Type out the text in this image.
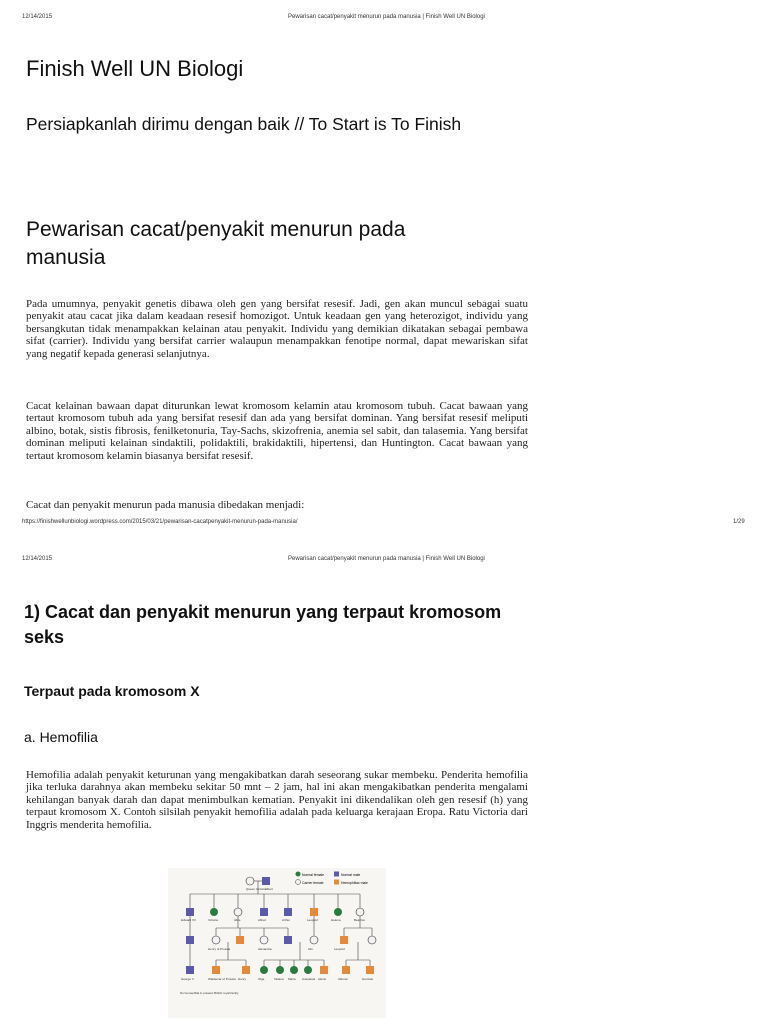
12/14/2015	Pewarisan cacat/penyakit menurun pada manusia | Finish Well UN Biologi
Finish Well UN Biologi
Persiapkanlah dirimu dengan baik // To Start is To Finish
Pewarisan cacat/penyakit menurun pada manusia

Pada umumnya, penyakit genetis dibawa oleh gen yang bersifat resesif. Jadi, gen akan muncul sebagai suatu penyakit atau cacat jika dalam keadaan resesif homozigot. Untuk keadaan gen yang heterozigot, individu yang bersangkutan tidak menampakkan kelainan atau penyakit. Individu yang demikian dikatakan sebagai pembawa sifat (carrier). Individu yang bersifat carrier walaupun menampakkan fenotipe normal, dapat mewariskan sifat yang negatif kepada generasi selanjutnya.

Cacat kelainan bawaan dapat diturunkan lewat kromosom kelamin atau kromosom tubuh. Cacat bawaan yang tertaut kromosom tubuh ada yang bersifat resesif dan ada yang bersifat dominan. Yang bersifat resesif meliputi albino, botak, sistis fibrosis, fenilketonuria, Tay-Sachs, skizofrenia, anemia sel sabit, dan talasemia. Yang bersifat dominan meliputi kelainan sindaktili, polidaktili, brakidaktili, hipertensi, dan Huntington. Cacat bawaan yang tertaut kromosom kelamin biasanya bersifat resesif.

Cacat dan penyakit menurun pada manusia dibedakan menjadi:

https://finishwellunbiologi.wordpress.com/2015/03/21/pewarisan-cacatpenyakit-menurun-pada-manusia/	1/29
12/14/2015	Pewarisan cacat/penyakit menurun pada manusia | Finish Well UN Biologi
1) Cacat dan penyakit menurun yang terpaut kromosom seks
Terpaut pada kromosom X
a. Hemofilia

Hemofilia adalah penyakit keturunan yang mengakibatkan darah seseorang sukar membeku. Penderita hemofilia jika terluka darahnya akan membeku sekitar 50 mnt – 2 jam, hal ini akan mengakibatkan penderita mengalami kehilangan banyak darah dan dapat menimbulkan kematian. Penyakit ini dikendalikan oleh gen resesif (h) yang terpaut kromosom X. Contoh silsilah penyakit hemofilia adalah pada keluarga kerajaan Eropa. Ratu Victoria dari Inggris menderita hemofilia.

Normal female	Normal male
Carrier female	Hemophiliac male
Queen Victoria Albert
Edward VII	Victoria	Alice	Alfred	Arthur	Leopold	Helena	Beatrice
Henry of Prussia	Alexandra	Alix	Leopold
George V	Waldemar of Prussia Henry	Olga	Tatiana Maria Anastasia Alexis	Alfonso	Gonzalo
No hemophilia in present British royal family
